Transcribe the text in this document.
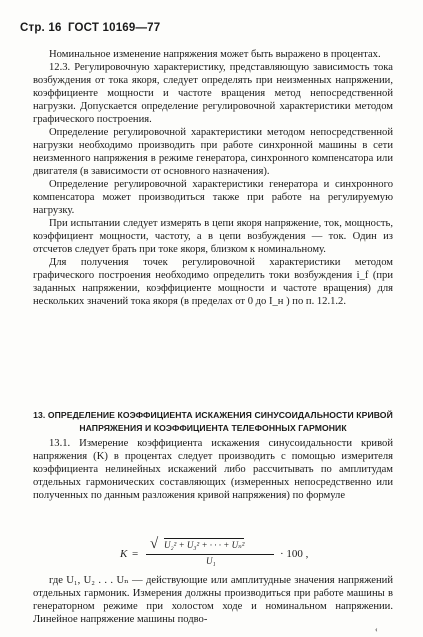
Стр. 16 ГОСТ 10169—77

Номинальное изменение напряжения может быть выражено в процентах.

12.3. Регулировочную характеристику, представляющую зависимость тока возбуждения от тока якоря, следует определять при неизменных напряжении, коэффициенте мощности и частоте вращения метод непосредственной нагрузки. Допускается определение регулировочной характеристики методом графического построения.

Определение регулировочной характеристики методом непосредственной нагрузки необходимо производить при работе синхронной машины в сети неизменного напряжения в режиме генератора, синхронного компенсатора или двигателя (в зависимости от основного назначения).

Определение регулировочной характеристики генератора и синхронного компенсатора может производиться также при работе на регулируемую нагрузку.

При испытании следует измерять в цепи якоря напряжение, ток, мощность, коэффициент мощности, частоту, а в цепи возбуждения — ток. Один из отсчетов следует брать при токе якоря, близком к номинальному.

Для получения точек регулировочной характеристики методом графического построения необходимо определить токи возбуждения i_f (при заданных напряжении, коэффициенте мощности и частоте вращения) для нескольких значений тока якоря (в пределах от 0 до I_н ) по п. 12.1.2.

13. ОПРЕДЕЛЕНИЕ КОЭФФИЦИЕНТА ИСКАЖЕНИЯ СИНУСОИДАЛЬНОСТИ КРИВОЙ НАПРЯЖЕНИЯ И КОЭФФИЦИЕНТА ТЕЛЕФОННЫХ ГАРМОНИК

13.1. Измерение коэффициента искажения синусоидальности кривой напряжения (K) в процентах следует производить с помощью измерителя коэффициента нелинейных искажений либо рассчитывать по амплитудам отдельных гармонических составляющих (измеренных непосредственно или полученных по данным разложения кривой напряжения) по формуле

K =
√ U₂² + U₃² + · · · + Uₙ²
U₁
· 100 ,

где U₁, U₂ . . . Uₙ — действующие или амплитудные значения напряжений отдельных гармоник. Измерения должны производиться при работе машины в генераторном режиме при холостом ходе и номинальном напряжении. Линейное напряжение машины подво-

‹
